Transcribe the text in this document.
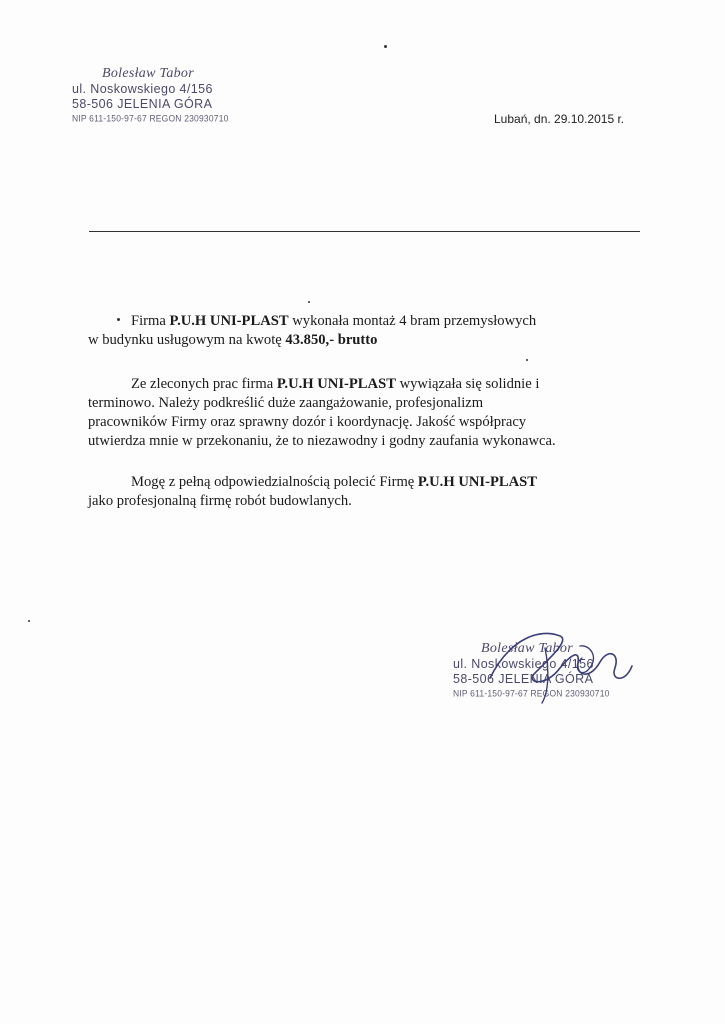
Bolesław Tabor
ul. Noskowskiego 4/156
58-506 JELENIA GÓRA
NIP 611-150-97-67 REGON 230930710	Lubań, dn. 29.10.2015 r.

Firma P.U.H UNI-PLAST wykonała montaż 4 bram przemysłowych
w budynku usługowym na kwotę 43.850,- brutto

Ze zleconych prac firma P.U.H UNI-PLAST wywiązała się solidnie i
terminowo. Należy podkreślić duże zaangażowanie, profesjonalizm
pracowników Firmy oraz sprawny dozór i koordynację. Jakość współpracy
utwierdza mnie w przekonaniu, że to niezawodny i godny zaufania wykonawca.

Mogę z pełną odpowiedzialnością polecić Firmę P.U.H UNI-PLAST
jako profesjonalną firmę robót budowlanych.

Bolesław Tabor
ul. Noskowskiego 4/156
58-506 JELENIA GÓRA
NIP 611-150-97-67 REGON 230930710
